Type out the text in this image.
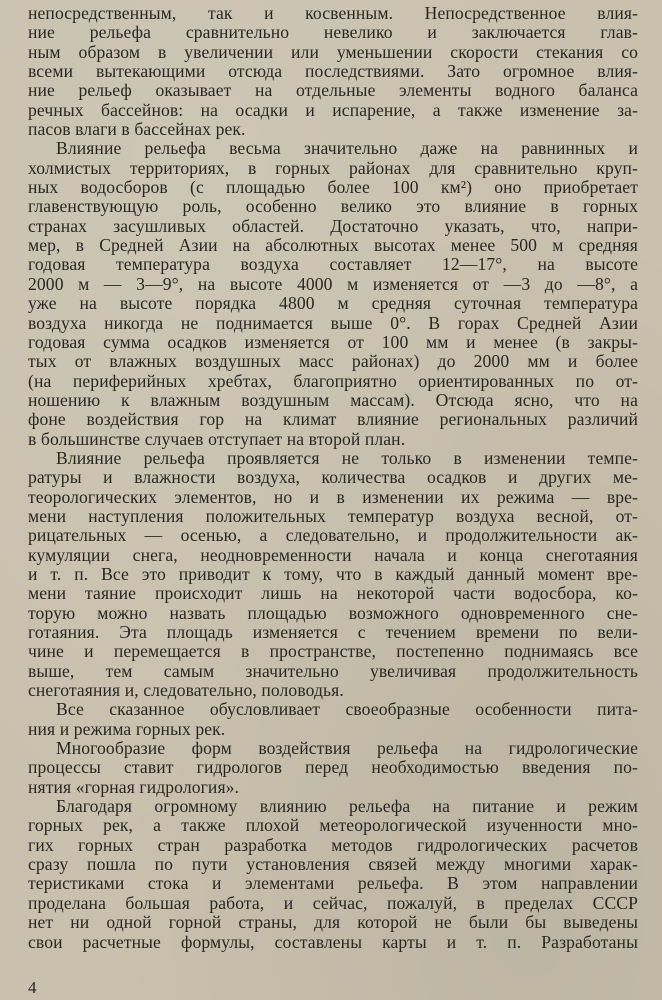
непосредственным, так и косвенным. Непосредственное влия-
ние рельефа сравнительно невелико и заключается глав-
ным образом в увеличении или уменьшении скорости стекания со
всеми вытекающими отсюда последствиями. Зато огромное влия-
ние рельеф оказывает на отдельные элементы водного баланса
речных бассейнов: на осадки и испарение, а также изменение за-
пасов влаги в бассейнах рек.
Влияние рельефа весьма значительно даже на равнинных и
холмистых территориях, в горных районах для сравнительно круп-
ных водосборов (с площадью более 100 км²) оно приобретает
главенствующую роль, особенно велико это влияние в горных
странах засушливых областей. Достаточно указать, что, напри-
мер, в Средней Азии на абсолютных высотах менее 500 м средняя
годовая температура воздуха составляет 12—17°, на высоте
2000 м — 3—9°, на высоте 4000 м изменяется от —3 до —8°, а
уже на высоте порядка 4800 м средняя суточная температура
воздуха никогда не поднимается выше 0°. В горах Средней Азии
годовая сумма осадков изменяется от 100 мм и менее (в закры-
тых от влажных воздушных масс районах) до 2000 мм и более
(на периферийных хребтах, благоприятно ориентированных по от-
ношению к влажным воздушным массам). Отсюда ясно, что на
фоне воздействия гор на климат влияние региональных различий
в большинстве случаев отступает на второй план.
Влияние рельефа проявляется не только в изменении темпе-
ратуры и влажности воздуха, количества осадков и других ме-
теорологических элементов, но и в изменении их режима — вре-
мени наступления положительных температур воздуха весной, от-
рицательных — осенью, а следовательно, и продолжительности ак-
кумуляции снега, неодновременности начала и конца снеготаяния
и т. п. Все это приводит к тому, что в каждый данный момент вре-
мени таяние происходит лишь на некоторой части водосбора, ко-
торую можно назвать площадью возможного одновременного сне-
готаяния. Эта площадь изменяется с течением времени по вели-
чине и перемещается в пространстве, постепенно поднимаясь все
выше, тем самым значительно увеличивая продолжительность
снеготаяния и, следовательно, половодья.
Все сказанное обусловливает своеобразные особенности пита-
ния и режима горных рек.
Многообразие форм воздействия рельефа на гидрологические
процессы ставит гидрологов перед необходимостью введения по-
нятия «горная гидрология».
Благодаря огромному влиянию рельефа на питание и режим
горных рек, а также плохой метеорологической изученности мно-
гих горных стран разработка методов гидрологических расчетов
сразу пошла по пути установления связей между многими харак-
теристиками стока и элементами рельефа. В этом направлении
проделана большая работа, и сейчас, пожалуй, в пределах СССР
нет ни одной горной страны, для которой не были бы выведены
свои расчетные формулы, составлены карты и т. п. Разработаны
4
